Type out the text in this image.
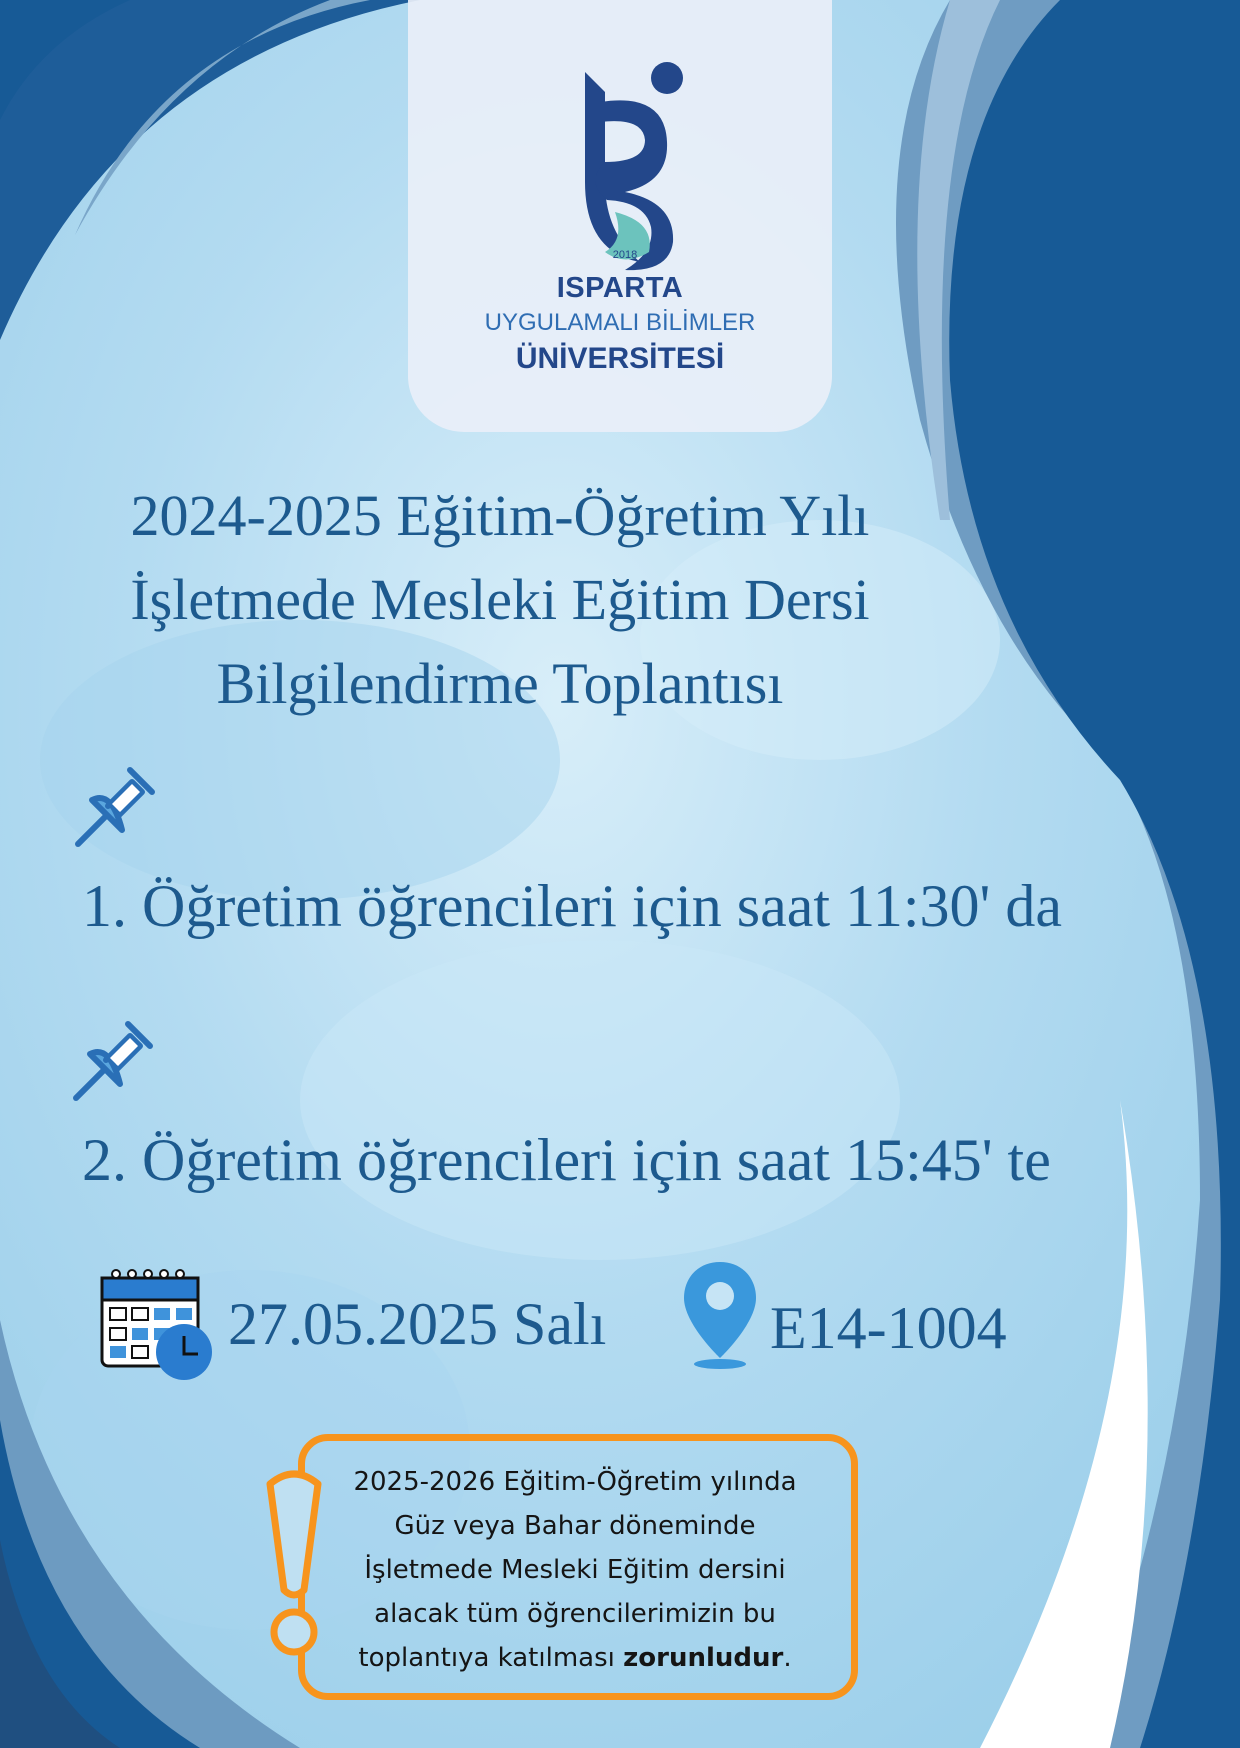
2018
ISPARTA
UYGULAMALI BİLİMLER
ÜNİVERSİTESİ
2024-2025 Eğitim-Öğretim Yılı
İşletmede Mesleki Eğitim Dersi
Bilgilendirme Toplantısı
1. Öğretim öğrencileri için saat 11:30' da
2. Öğretim öğrencileri için saat 15:45' te
27.05.2025 Salı	E14-1004
2025-2026 Eğitim-Öğretim yılında
Güz veya Bahar döneminde
İşletmede Mesleki Eğitim dersini
alacak tüm öğrencilerimizin bu
toplantıya katılması zorunludur.
